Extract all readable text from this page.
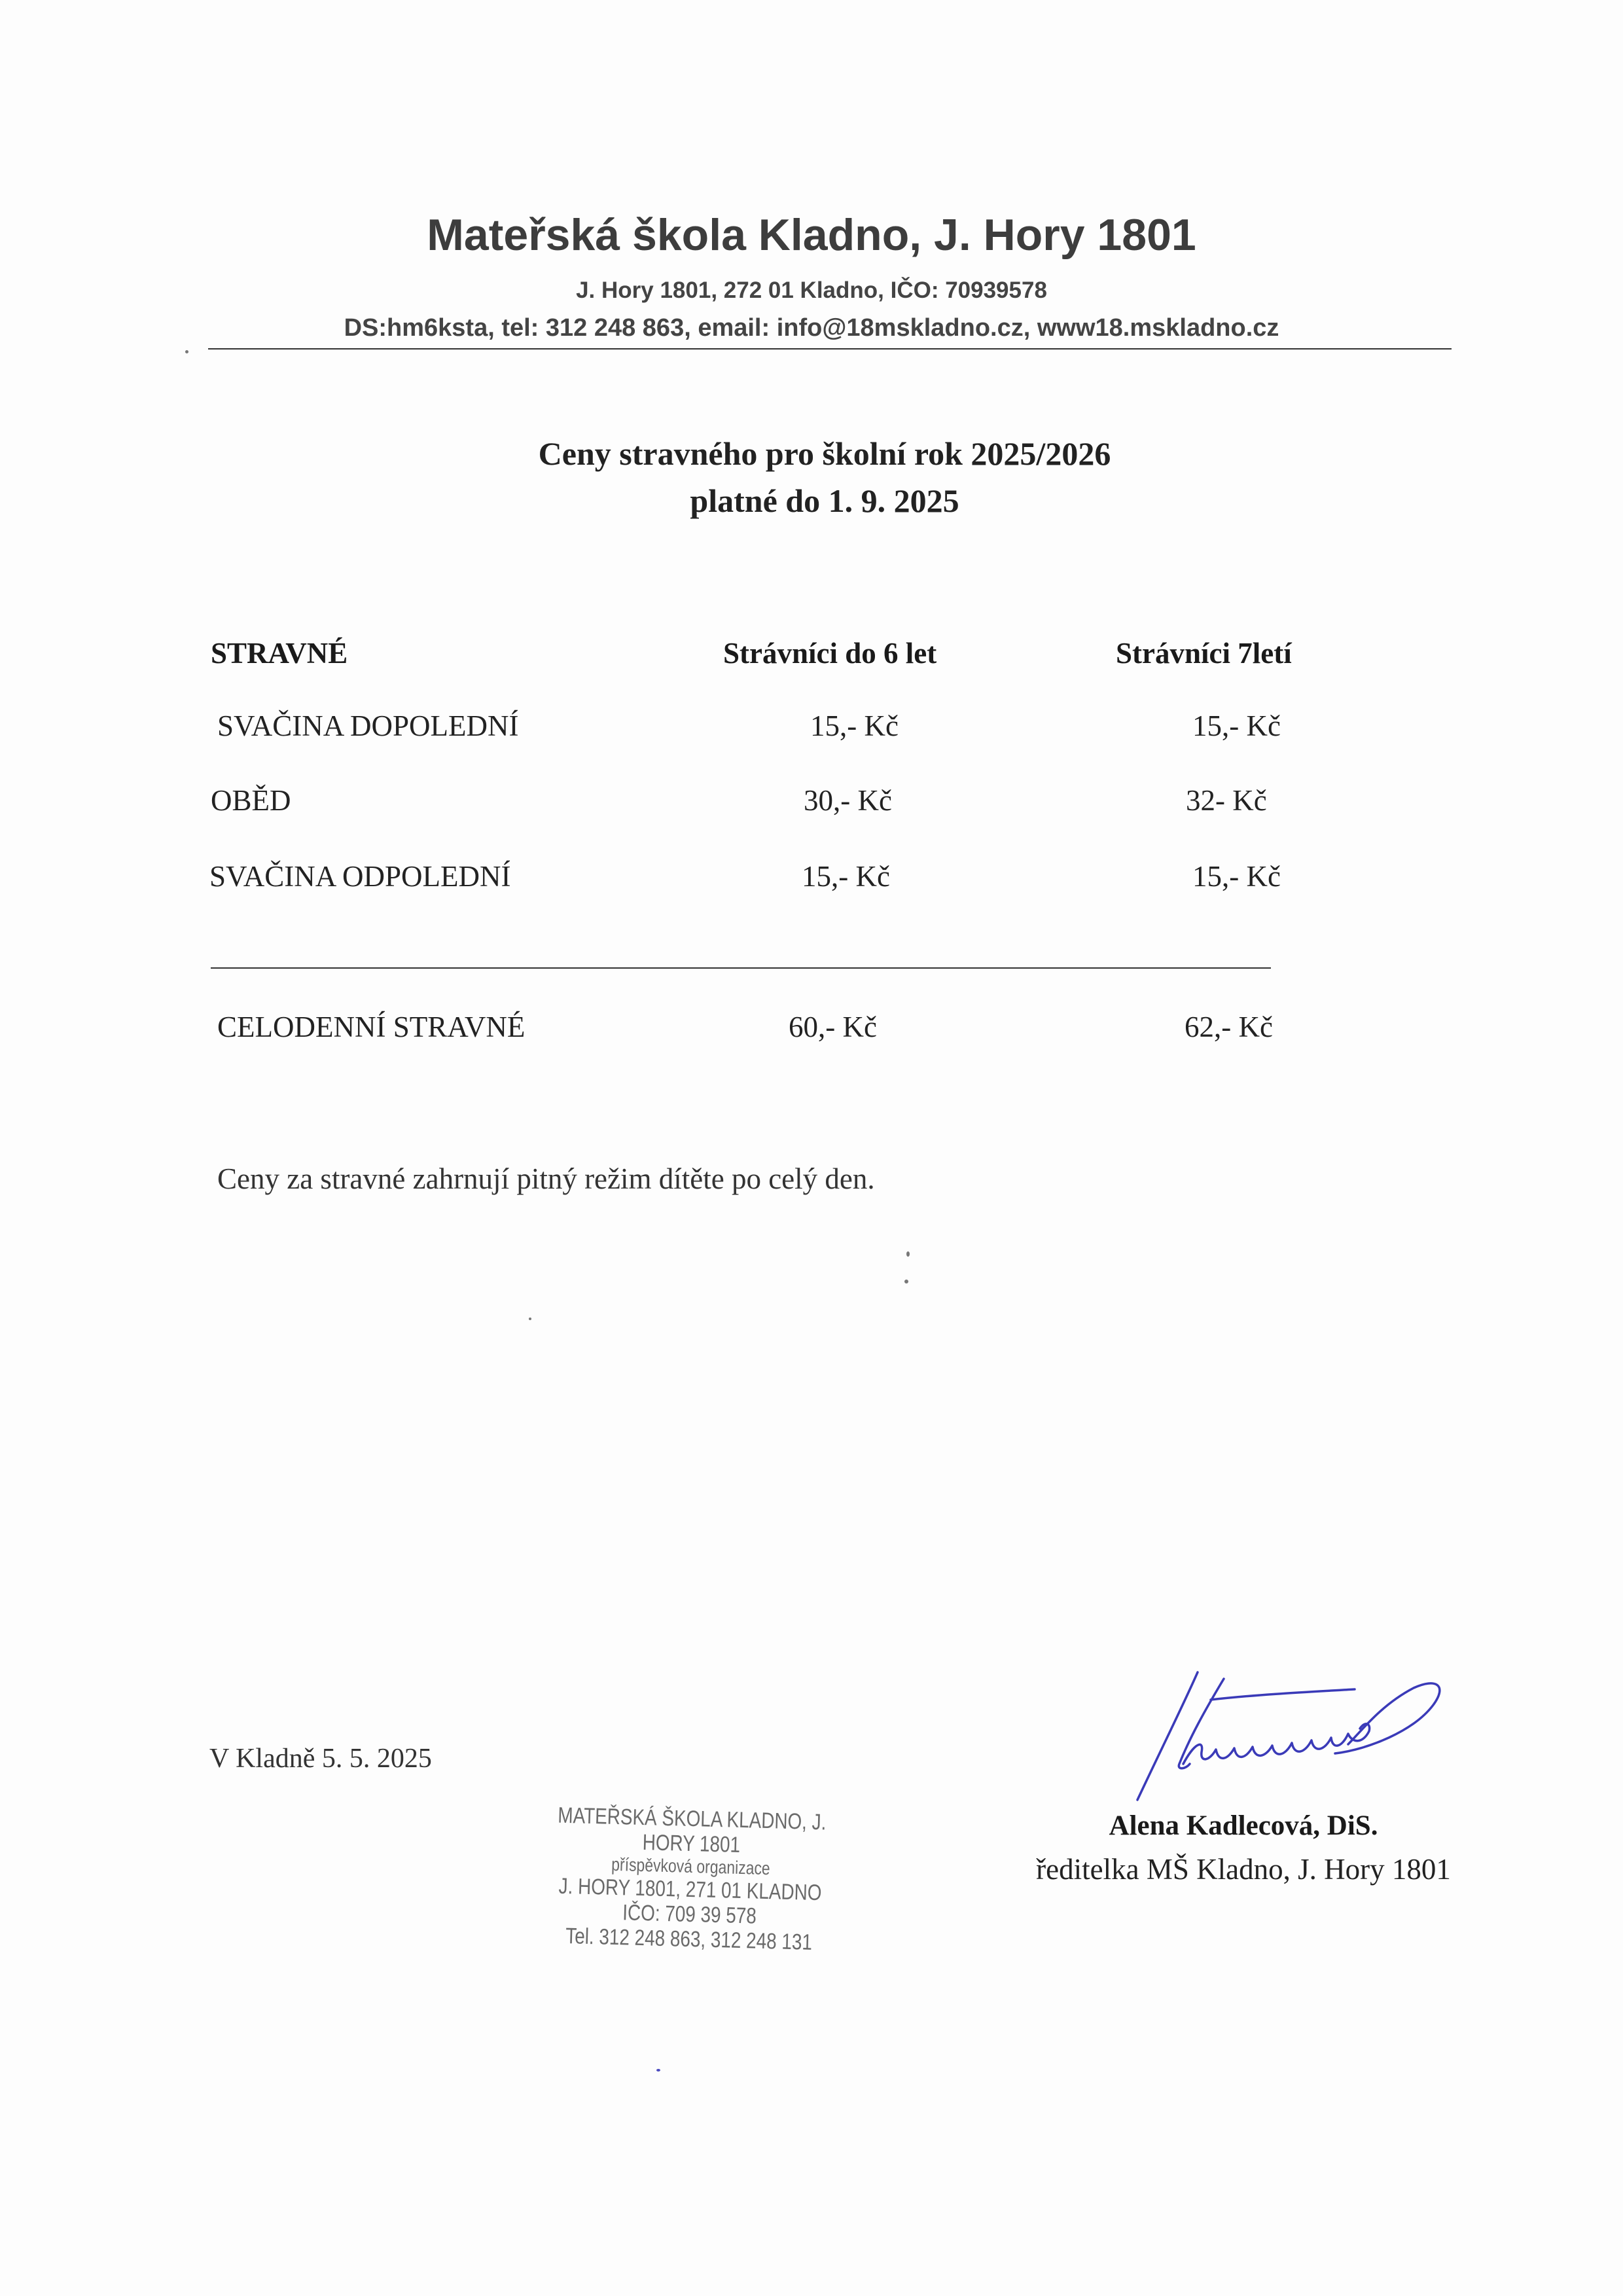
Mateřská škola Kladno, J. Hory 1801
J. Hory 1801, 272 01 Kladno, IČO: 70939578
DS:hm6ksta, tel: 312 248 863, email: info@18mskladno.cz, www18.mskladno.cz
Ceny stravného pro školní rok 2025/2026
platné do 1. 9. 2025
STRAVNÉ	Strávníci do 6 let	Strávníci 7letí
SVAČINA DOPOLEDNÍ	15,- Kč	15,- Kč
OBĚD	30,- Kč	32- Kč
SVAČINA ODPOLEDNÍ	15,- Kč	15,- Kč
CELODENNÍ STRAVNÉ	60,- Kč	62,- Kč
Ceny za stravné zahrnují pitný režim dítěte po celý den.
V Kladně 5. 5. 2025
MATEŘSKÁ ŠKOLA KLADNO, J. HORY 1801
příspěvková organizace
J. HORY 1801, 271 01 KLADNO
IČO: 709 39 578
Tel. 312 248 863, 312 248 131
Alena Kadlecová, DiS.
ředitelka MŠ Kladno, J. Hory 1801
